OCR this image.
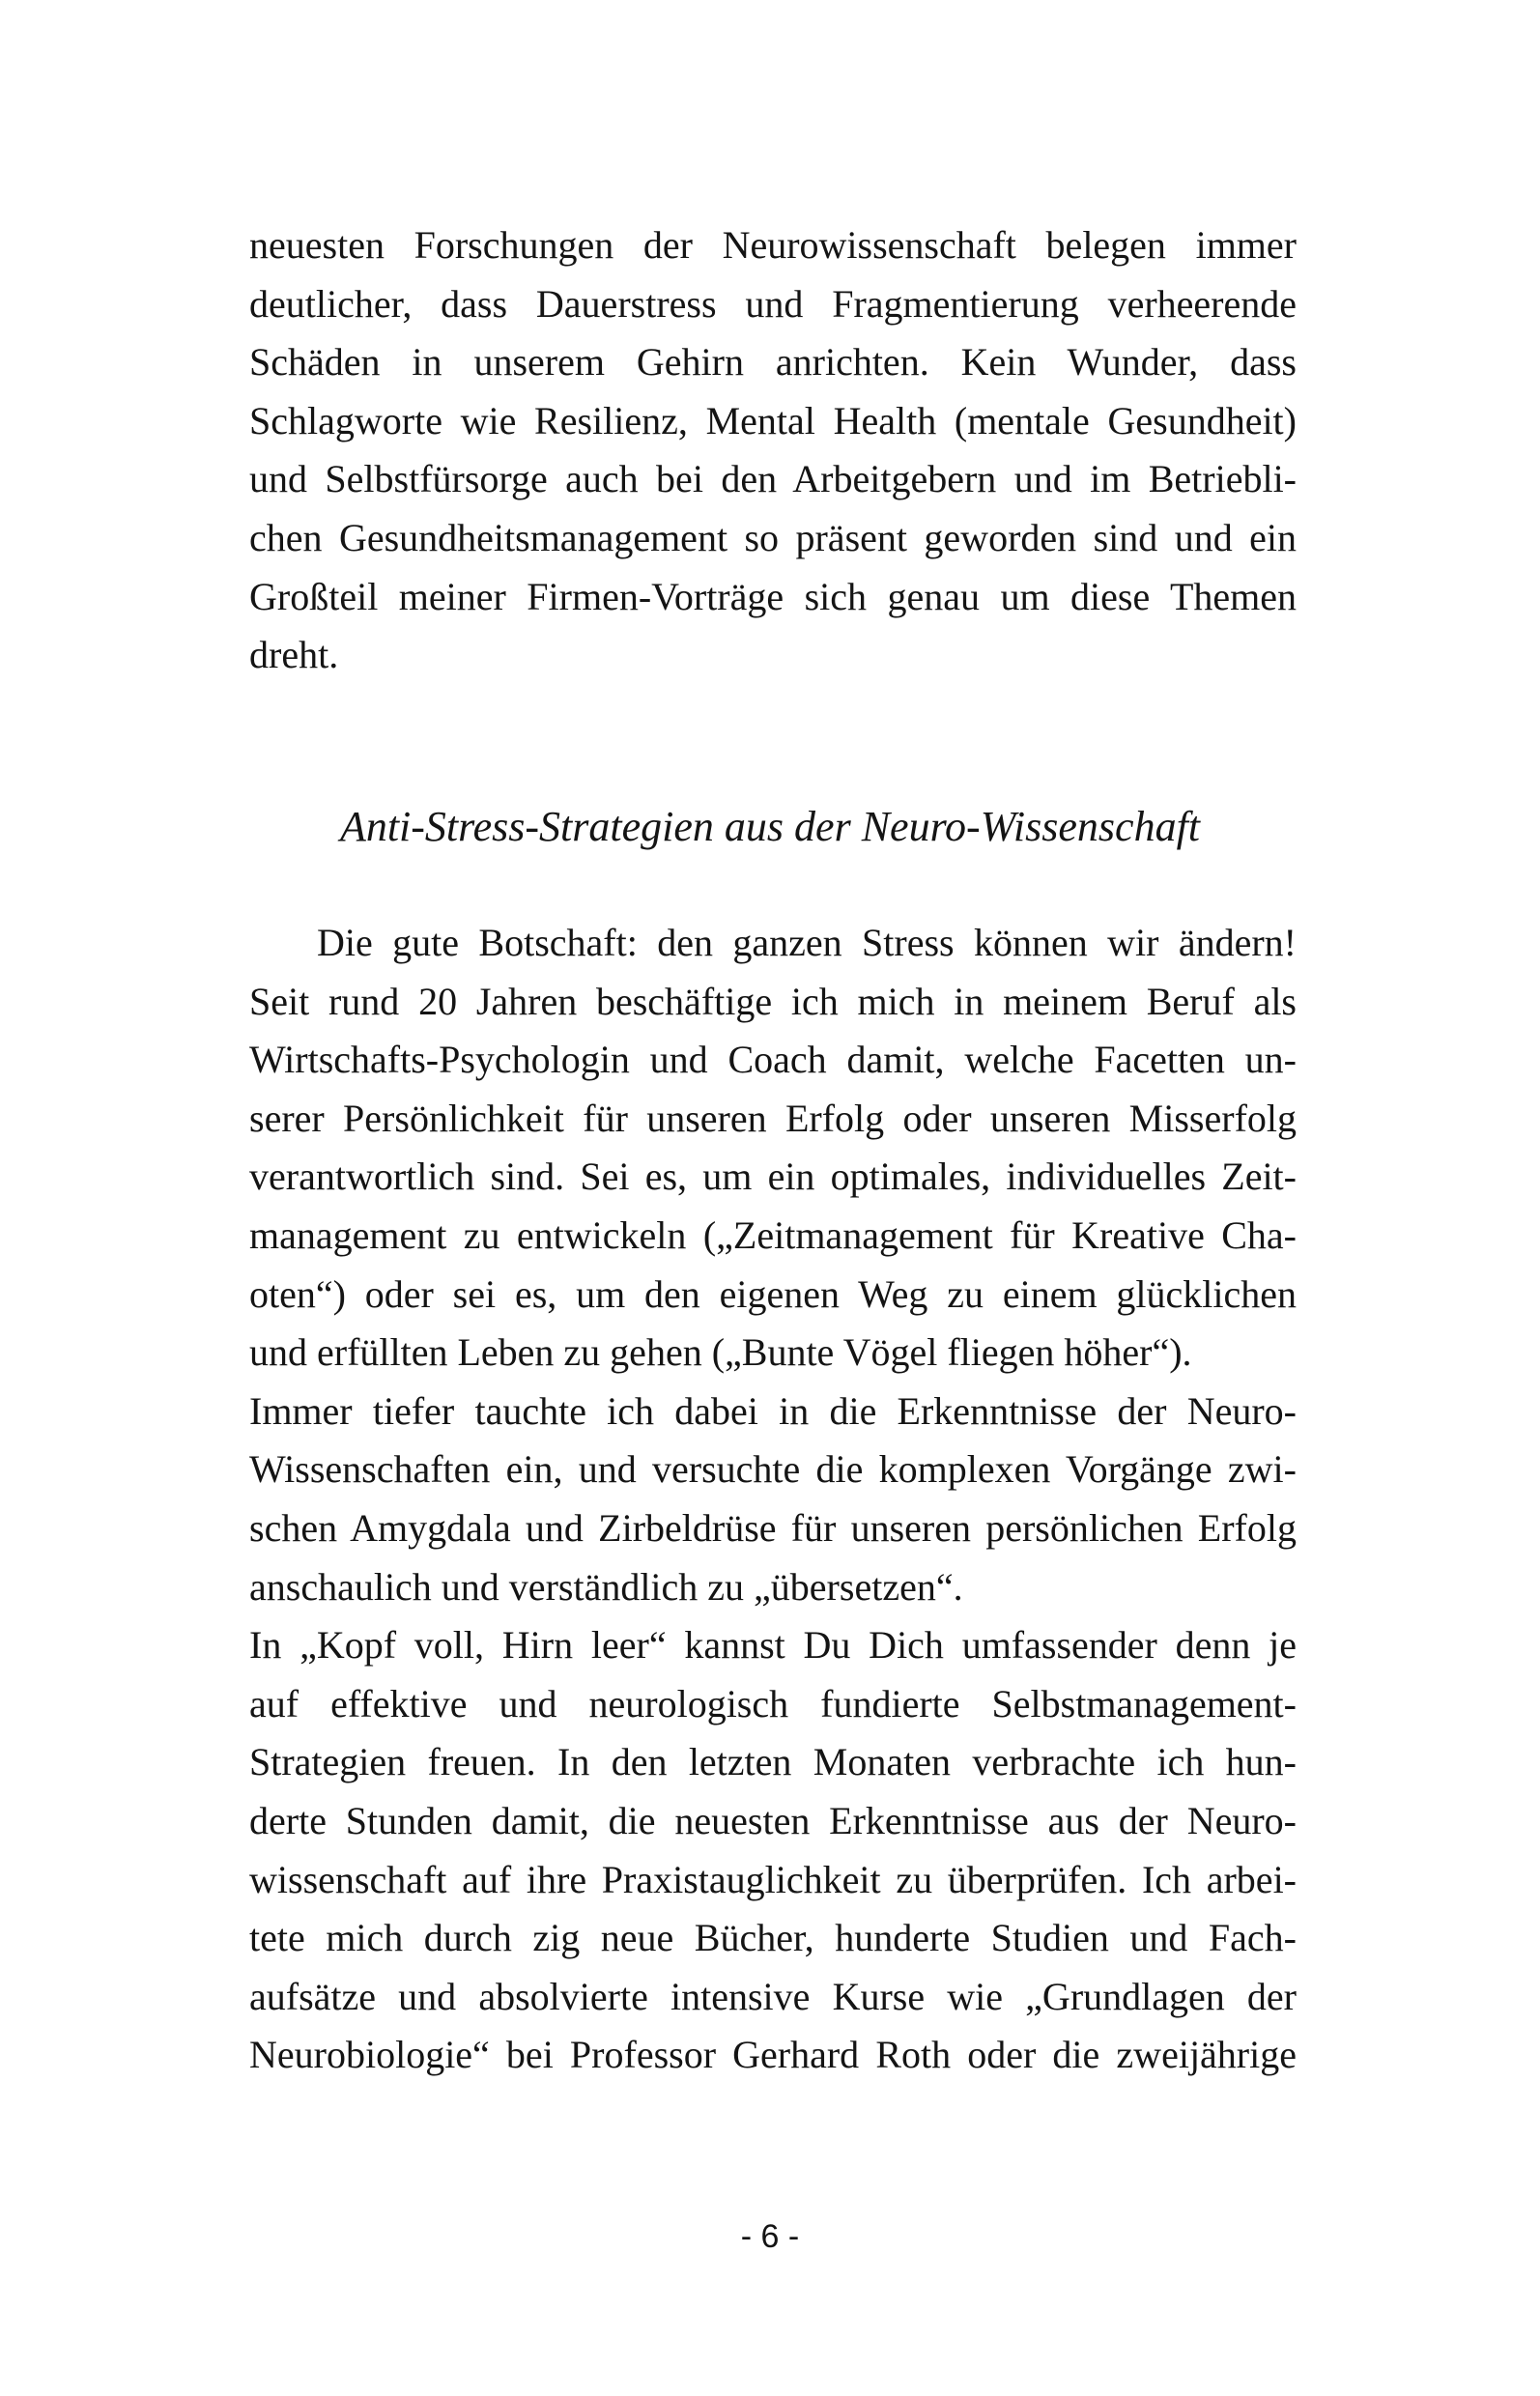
neuesten Forschungen der Neurowissenschaft belegen immer
deutlicher, dass Dauerstress und Fragmentierung verheerende
Schäden in unserem Gehirn anrichten. Kein Wunder, dass
Schlagworte wie Resilienz, Mental Health (mentale Gesundheit)
und Selbstfürsorge auch bei den Arbeitgebern und im Betriebli-
chen Gesundheitsmanagement so präsent geworden sind und ein
Großteil meiner Firmen-Vorträge sich genau um diese Themen
dreht.
Anti-Stress-Strategien aus der Neuro-Wissenschaft
Die gute Botschaft: den ganzen Stress können wir ändern!
Seit rund 20 Jahren beschäftige ich mich in meinem Beruf als
Wirtschafts-Psychologin und Coach damit, welche Facetten un-
serer Persönlichkeit für unseren Erfolg oder unseren Misserfolg
verantwortlich sind. Sei es, um ein optimales, individuelles Zeit-
management zu entwickeln („Zeitmanagement für Kreative Cha-
oten“) oder sei es, um den eigenen Weg zu einem glücklichen
und erfüllten Leben zu gehen („Bunte Vögel fliegen höher“).
Immer tiefer tauchte ich dabei in die Erkenntnisse der Neuro-
Wissenschaften ein, und versuchte die komplexen Vorgänge zwi-
schen Amygdala und Zirbeldrüse für unseren persönlichen Erfolg
anschaulich und verständlich zu „übersetzen“.
In „Kopf voll, Hirn leer“ kannst Du Dich umfassender denn je
auf effektive und neurologisch fundierte Selbstmanagement-
Strategien freuen. In den letzten Monaten verbrachte ich hun-
derte Stunden damit, die neuesten Erkenntnisse aus der Neuro-
wissenschaft auf ihre Praxistauglichkeit zu überprüfen. Ich arbei-
tete mich durch zig neue Bücher, hunderte Studien und Fach-
aufsätze und absolvierte intensive Kurse wie „Grundlagen der
Neurobiologie“ bei Professor Gerhard Roth oder die zweijährige
- 6 -
